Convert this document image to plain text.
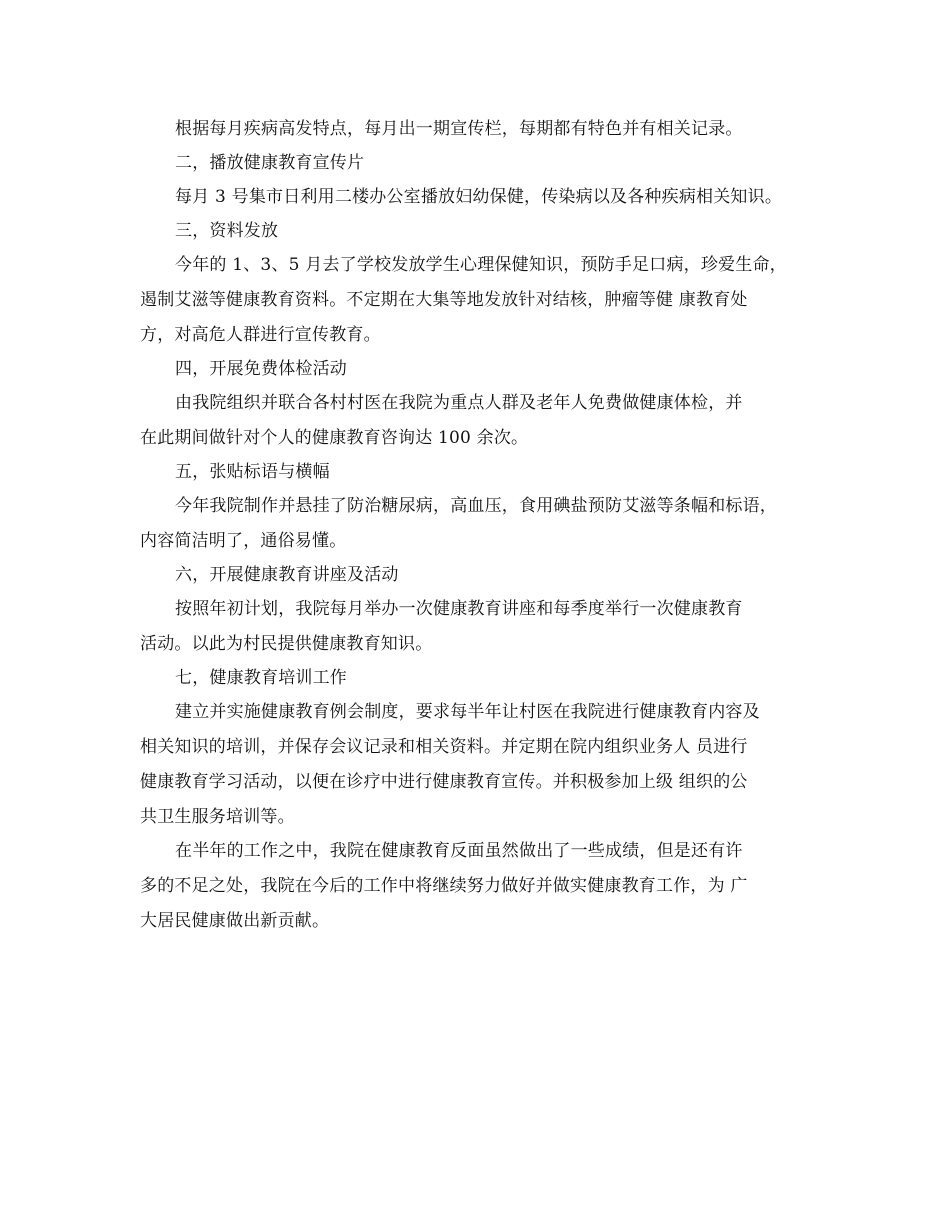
根据每月疾病高发特点，每月出一期宣传栏，每期都有特色并有相关记录。
二，播放健康教育宣传片
每月 3 号集市日利用二楼办公室播放妇幼保健，传染病以及各种疾病相关知识。
三，资料发放
今年的 1、3、5 月去了学校发放学生心理保健知识，预防手足口病，珍爱生命，
遏制艾滋等健康教育资料。不定期在大集等地发放针对结核，肿瘤等健 康教育处
方，对高危人群进行宣传教育。
四，开展免费体检活动
由我院组织并联合各村村医在我院为重点人群及老年人免费做健康体检，并
在此期间做针对个人的健康教育咨询达 100 余次。
五，张贴标语与横幅
今年我院制作并悬挂了防治糖尿病，高血压，食用碘盐预防艾滋等条幅和标语，
内容简洁明了，通俗易懂。
六，开展健康教育讲座及活动
按照年初计划，我院每月举办一次健康教育讲座和每季度举行一次健康教育
活动。以此为村民提供健康教育知识。
七，健康教育培训工作
建立并实施健康教育例会制度，要求每半年让村医在我院进行健康教育内容及
相关知识的培训，并保存会议记录和相关资料。并定期在院内组织业务人 员进行
健康教育学习活动，以便在诊疗中进行健康教育宣传。并积极参加上级 组织的公
共卫生服务培训等。
在半年的工作之中，我院在健康教育反面虽然做出了一些成绩，但是还有许
多的不足之处，我院在今后的工作中将继续努力做好并做实健康教育工作，为 广
大居民健康做出新贡献。
